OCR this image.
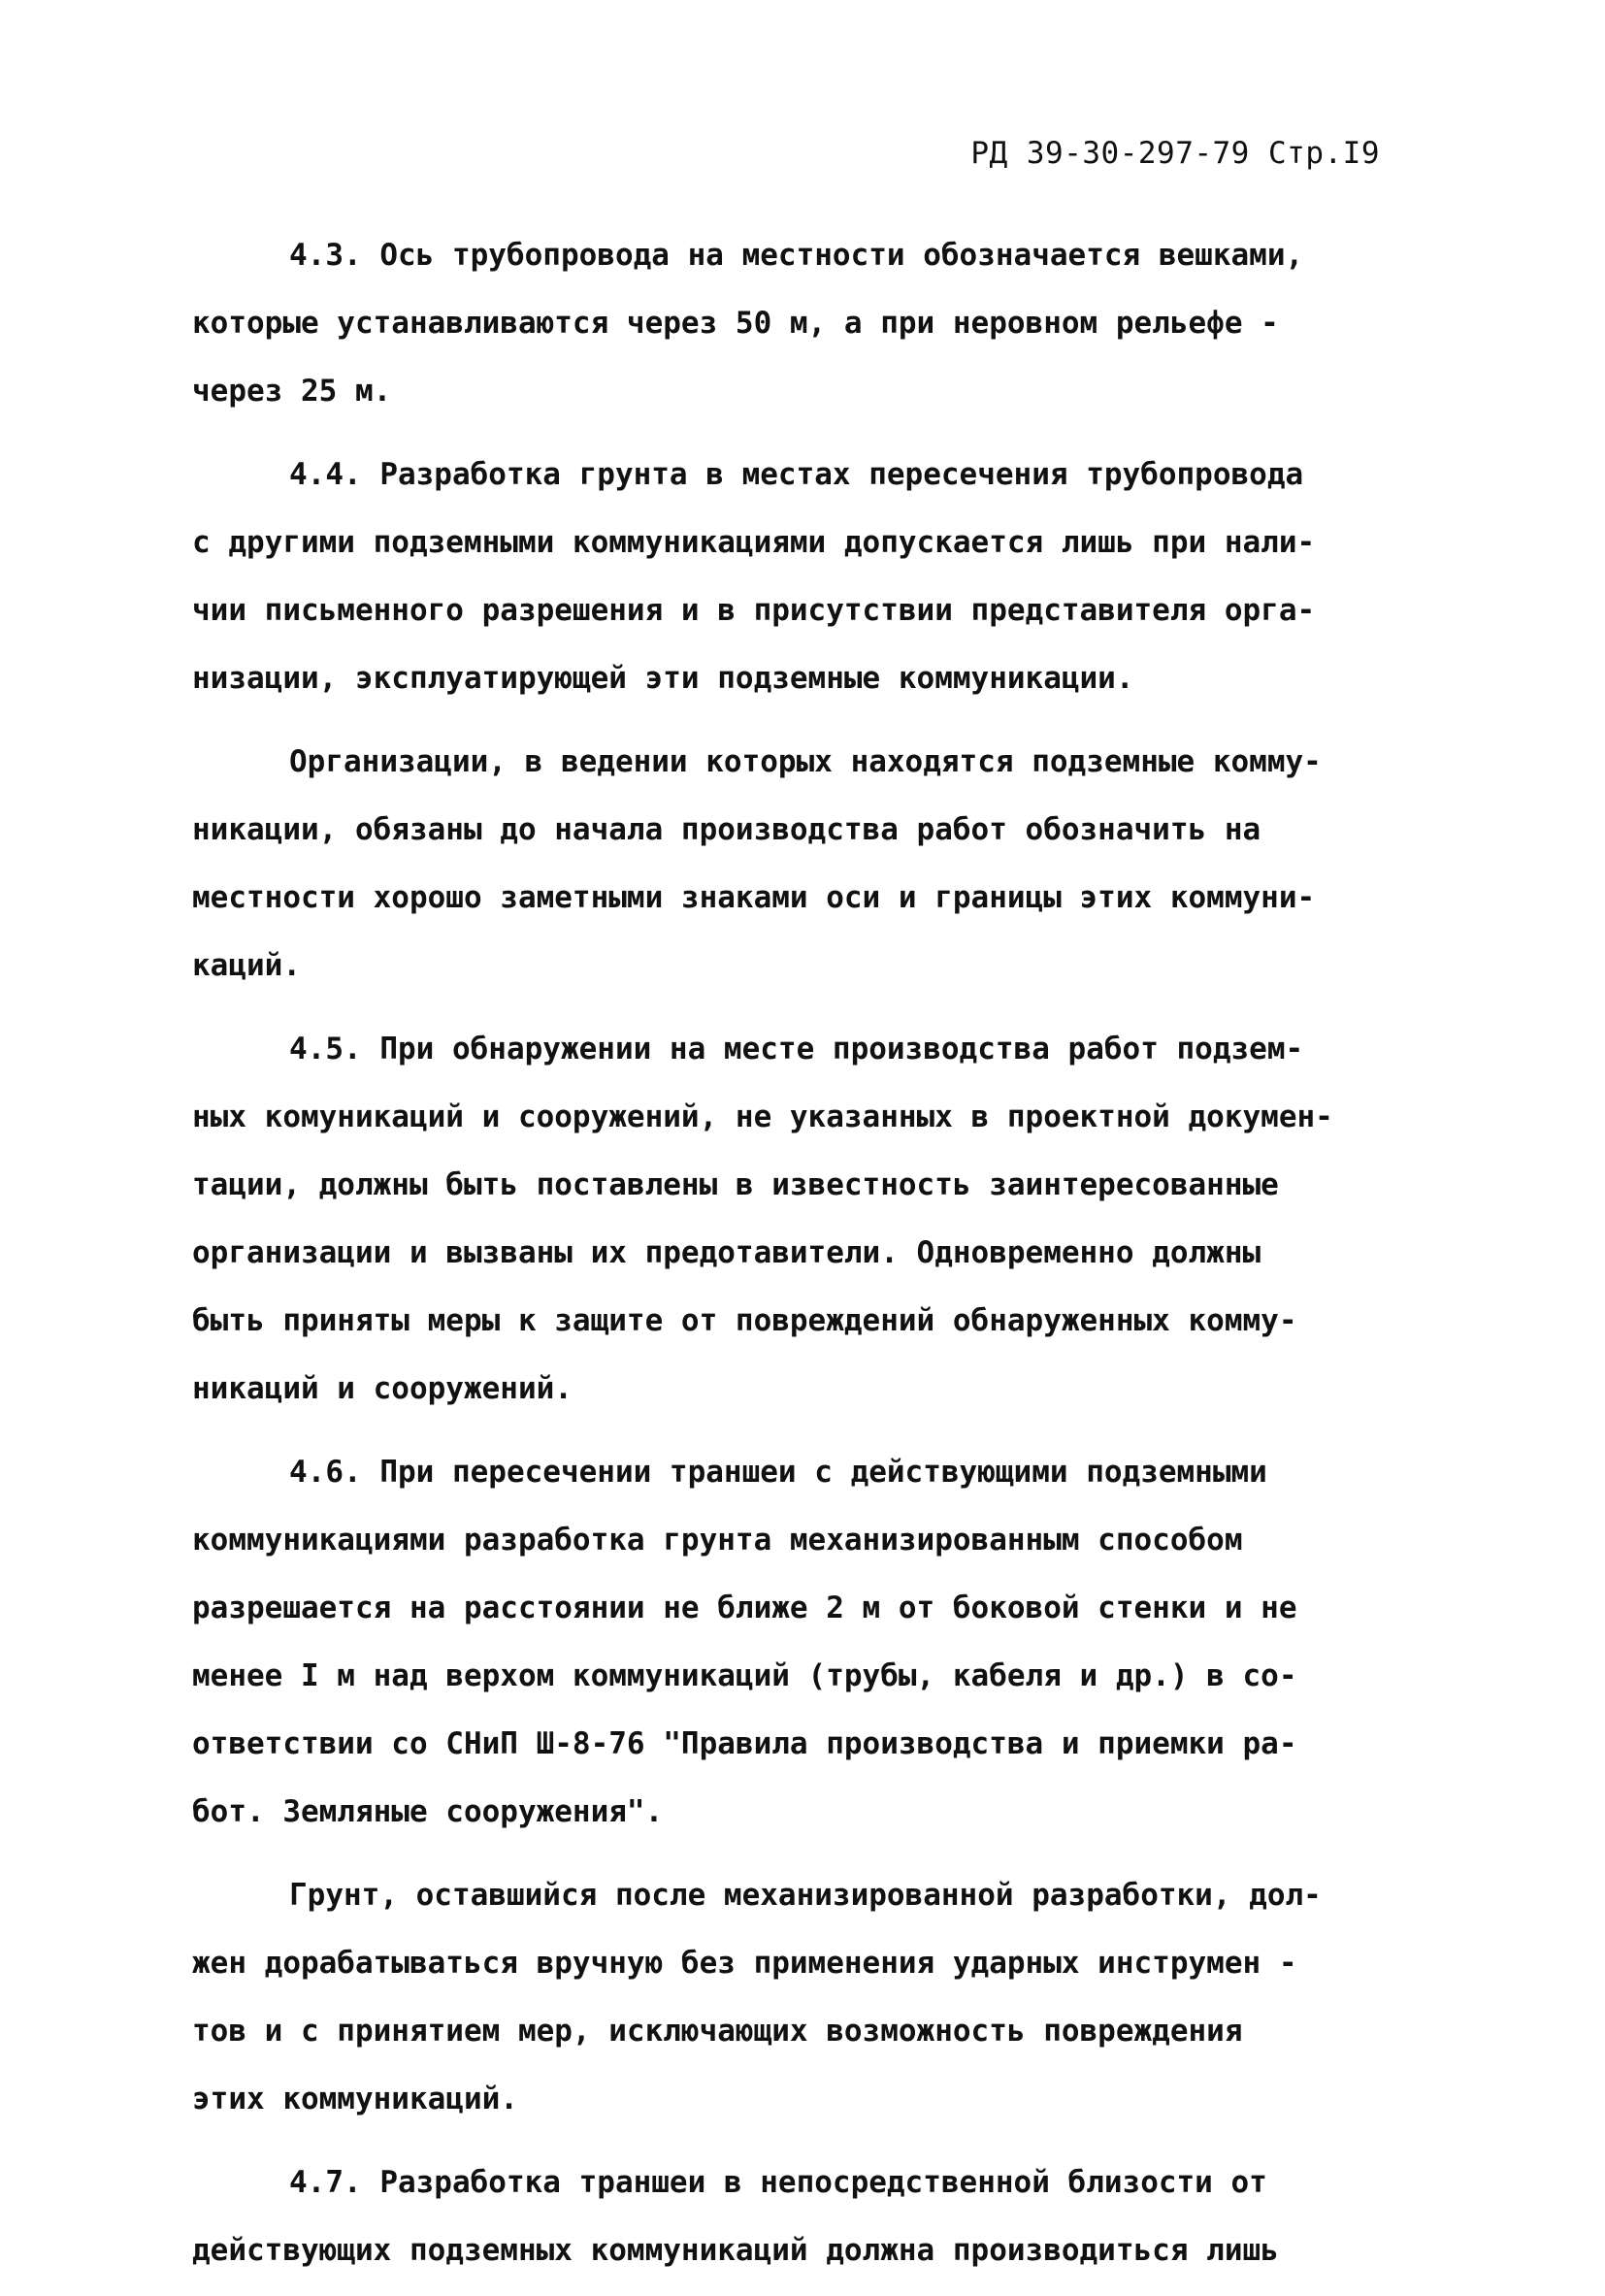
РД 39-30-297-79 Стр.I9
4.3. Ось трубопровода на местности обозначается вешками,
которые устанавливаются через 50 м, а при неровном рельефе -
через 25 м.
4.4. Разработка грунта в местах пересечения трубопровода
с другими подземными коммуникациями допускается лишь при нали-
чии письменного разрешения и в присутствии представителя орга-
низации, эксплуатирующей эти подземные коммуникации.
Организации, в ведении которых находятся подземные комму-
никации, обязаны до начала производства работ обозначить на
местности хорошо заметными знаками оси и границы этих коммуни-
каций.
4.5. При обнаружении на месте производства работ подзем-
ных комуникаций и сооружений, не указанных в проектной докумен-
тации, должны быть поставлены в известность заинтересованные
организации и вызваны их предотавители. Одновременно должны
быть приняты меры к защите от повреждений обнаруженных комму-
никаций и сооружений.
4.6. При пересечении траншеи с действующими подземными
коммуникациями разработка грунта механизированным способом
разрешается на расстоянии не ближе 2 м от боковой стенки и не
менее I м над верхом коммуникаций (трубы, кабеля и др.) в со-
ответствии со СНиП Ш-8-76 "Правила производства и приемки ра-
бот. Земляные сооружения".
Грунт, оставшийся после механизированной разработки, дол-
жен дорабатываться вручную без применения ударных инструмен -
тов и с принятием мер, исключающих возможность повреждения
этих коммуникаций.
4.7. Разработка траншеи в непосредственной близости от
действующих подземных коммуникаций должна производиться лишь
